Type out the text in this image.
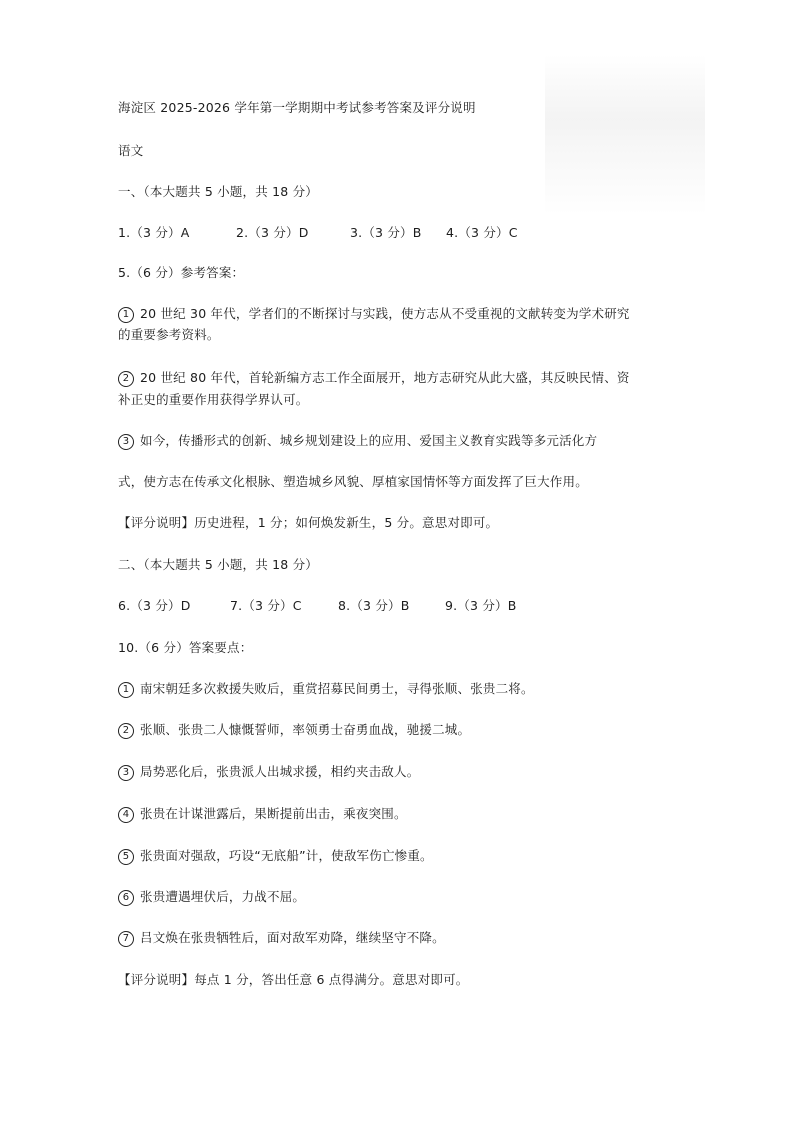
海淀区 2025-2026 学年第一学期期中考试参考答案及评分说明
语文
一、（本大题共 5 小题，共 18 分）
1.（3 分）A	2.（3 分）D	3.（3 分）B 4.（3 分）C
5.（6 分）参考答案：
1 20 世纪 30 年代，学者们的不断探讨与实践，使方志从不受重视的文献转变为学术研究
的重要参考资料。
2 20 世纪 80 年代，首轮新编方志工作全面展开，地方志研究从此大盛，其反映民情、资
补正史的重要作用获得学界认可。
3 如今，传播形式的创新、城乡规划建设上的应用、爱国主义教育实践等多元活化方
式，使方志在传承文化根脉、塑造城乡风貌、厚植家国情怀等方面发挥了巨大作用。
【评分说明】历史进程，1 分；如何焕发新生，5 分。意思对即可。
二、（本大题共 5 小题，共 18 分）
6.（3 分）D	7.（3 分）C	8.（3 分）B	9.（3 分）B
10.（6 分）答案要点：
1 南宋朝廷多次救援失败后，重赏招募民间勇士，寻得张顺、张贵二将。
2 张顺、张贵二人慷慨誓师，率领勇士奋勇血战，驰援二城。
3 局势恶化后，张贵派人出城求援，相约夹击敌人。
4 张贵在计谋泄露后，果断提前出击，乘夜突围。
5 张贵面对强敌，巧设“无底船”计，使敌军伤亡惨重。
6 张贵遭遇埋伏后，力战不屈。
7 吕文焕在张贵牺牲后，面对敌军劝降，继续坚守不降。
【评分说明】每点 1 分，答出任意 6 点得满分。意思对即可。
